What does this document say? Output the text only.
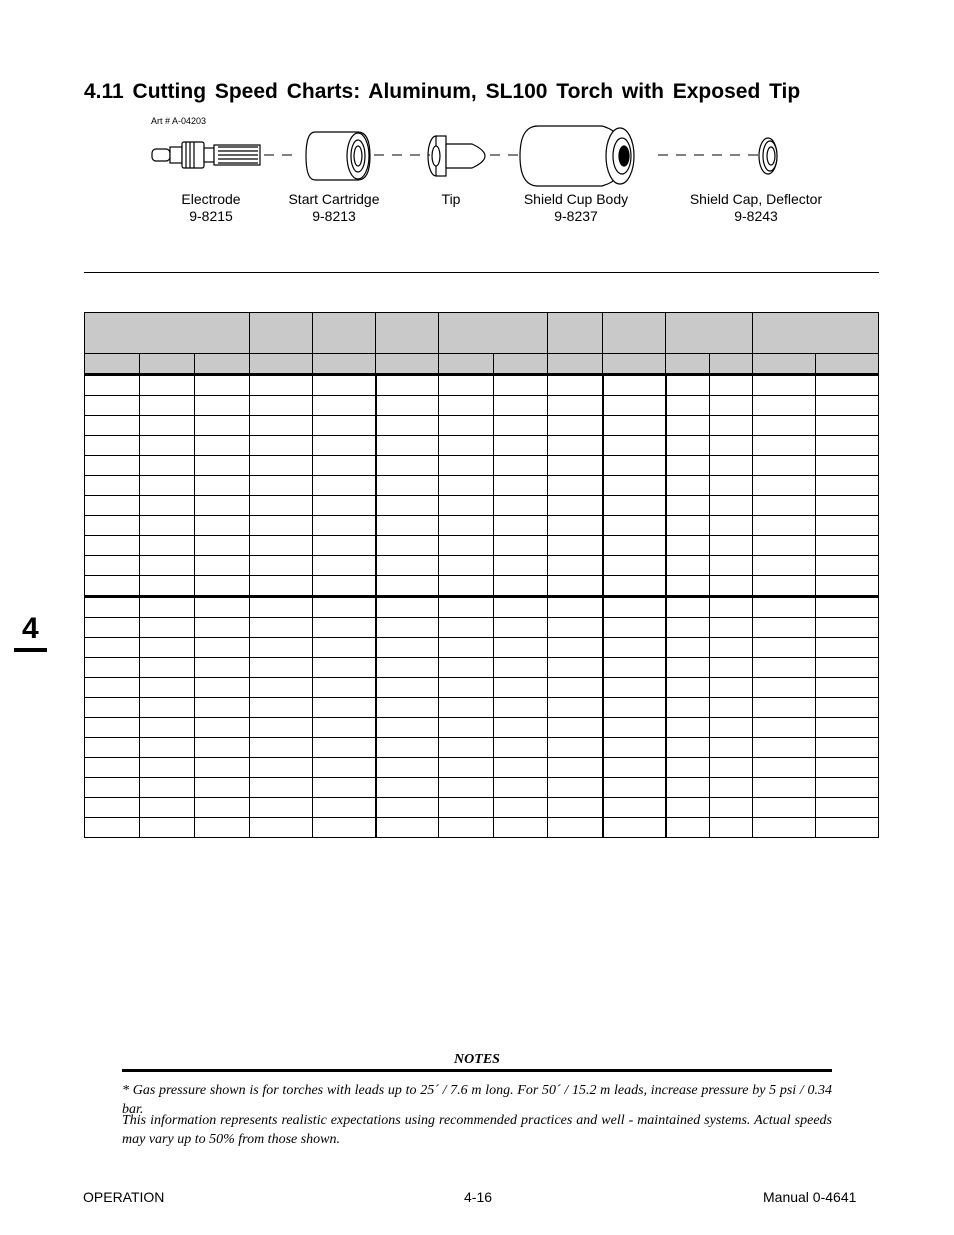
4.11 Cutting Speed Charts: Aluminum, SL100 Torch with Exposed Tip
Art # A-04203
Electrode
9-8215
Start Cartridge
9-8213
Tip	Shield Cup Body
9-8237
Shield Cap, Deflector
9-8243

4
NOTES
* Gas pressure shown is for torches with leads up to 25´ / 7.6 m long. For 50´ / 15.2 m leads, increase pressure by 5 psi / 0.34 bar.
This information represents realistic expectations using recommended practices and well - maintained systems. Actual speeds may vary up to 50% from those shown.
OPERATION	4-16	Manual 0-4641
